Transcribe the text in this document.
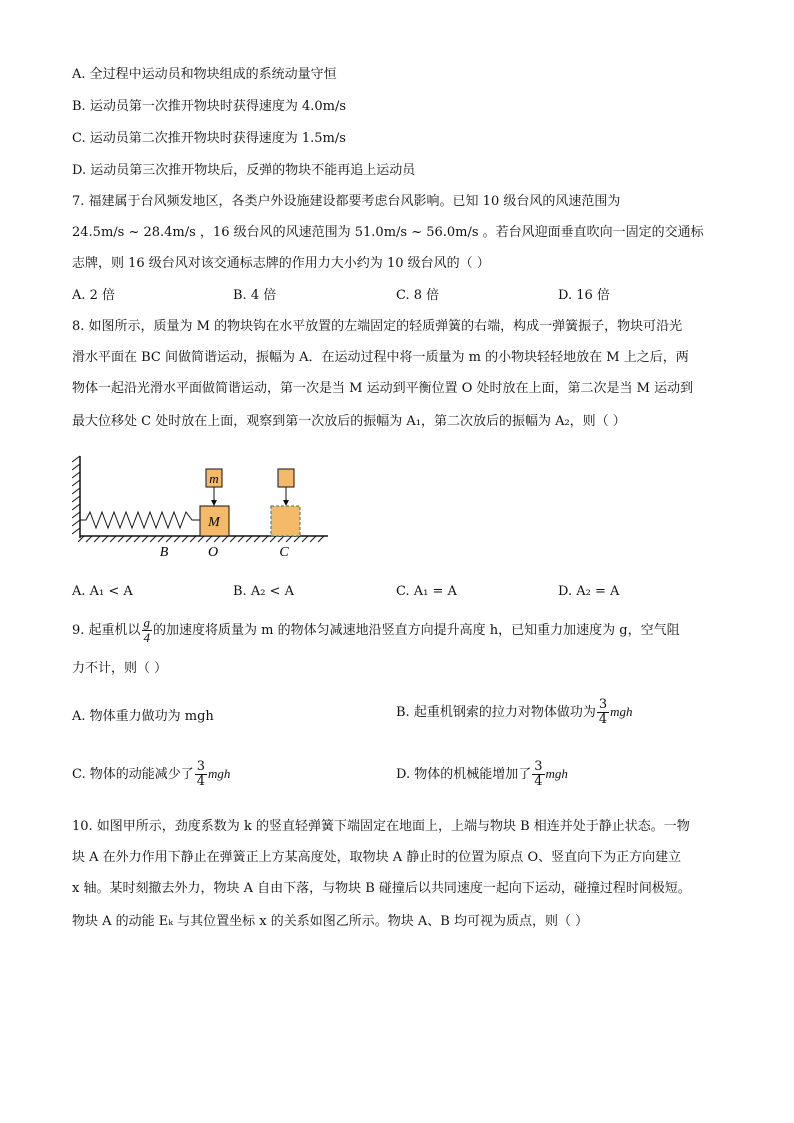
A. 全过程中运动员和物块组成的系统动量守恒
B. 运动员第一次推开物块时获得速度为 4.0m/s
C. 运动员第二次推开物块时获得速度为 1.5m/s
D. 运动员第三次推开物块后，反弹的物块不能再追上运动员
7. 福建属于台风频发地区，各类户外设施建设都要考虑台风影响。已知 10 级台风的风速范围为
24.5m/s ~ 28.4m/s ，16 级台风的风速范围为 51.0m/s ~ 56.0m/s 。若台风迎面垂直吹向一固定的交通标
志牌，则 16 级台风对该交通标志牌的作用力大小约为 10 级台风的（ ）
A. 2 倍	B. 4 倍	C. 8 倍	D. 16 倍
8. 如图所示，质量为 M 的物块钩在水平放置的左端固定的轻质弹簧的右端，构成一弹簧振子，物块可沿光
滑水平面在 BC 间做简谐运动，振幅为 A．在运动过程中将一质量为 m 的小物块轻轻地放在 M 上之后，两
物体一起沿光滑水平面做简谐运动，第一次是当 M 运动到平衡位置 O 处时放在上面，第二次是当 M 运动到
最大位移处 C 处时放在上面，观察到第一次放后的振幅为 A₁，第二次放后的振幅为 A₂，则（ ）
M
m
B	O	C
A. A₁ < A	B. A₂ < A	C. A₁ = A	D. A₂ = A
9. 起重机以 $\frac{g}{4}$ 的加速度将质量为 m 的物体匀减速地沿竖直方向提升高度 h，已知重力加速度为 g，空气阻
力不计，则（ ）
A. 物体重力做功为 mgh	B. 起重机钢索的拉力对物体做功为 $\frac{3}{4}$ mgh
C. 物体的动能减少了 $\frac{3}{4}$ mgh	D. 物体的机械能增加了 $\frac{3}{4}$ mgh
10. 如图甲所示，劲度系数为 k 的竖直轻弹簧下端固定在地面上，上端与物块 B 相连并处于静止状态。一物
块 A 在外力作用下静止在弹簧正上方某高度处，取物块 A 静止时的位置为原点 O、竖直向下为正方向建立
x 轴。某时刻撤去外力，物块 A 自由下落，与物块 B 碰撞后以共同速度一起向下运动，碰撞过程时间极短。
物块 A 的动能 Eₖ 与其位置坐标 x 的关系如图乙所示。物块 A、B 均可视为质点，则（ ）
